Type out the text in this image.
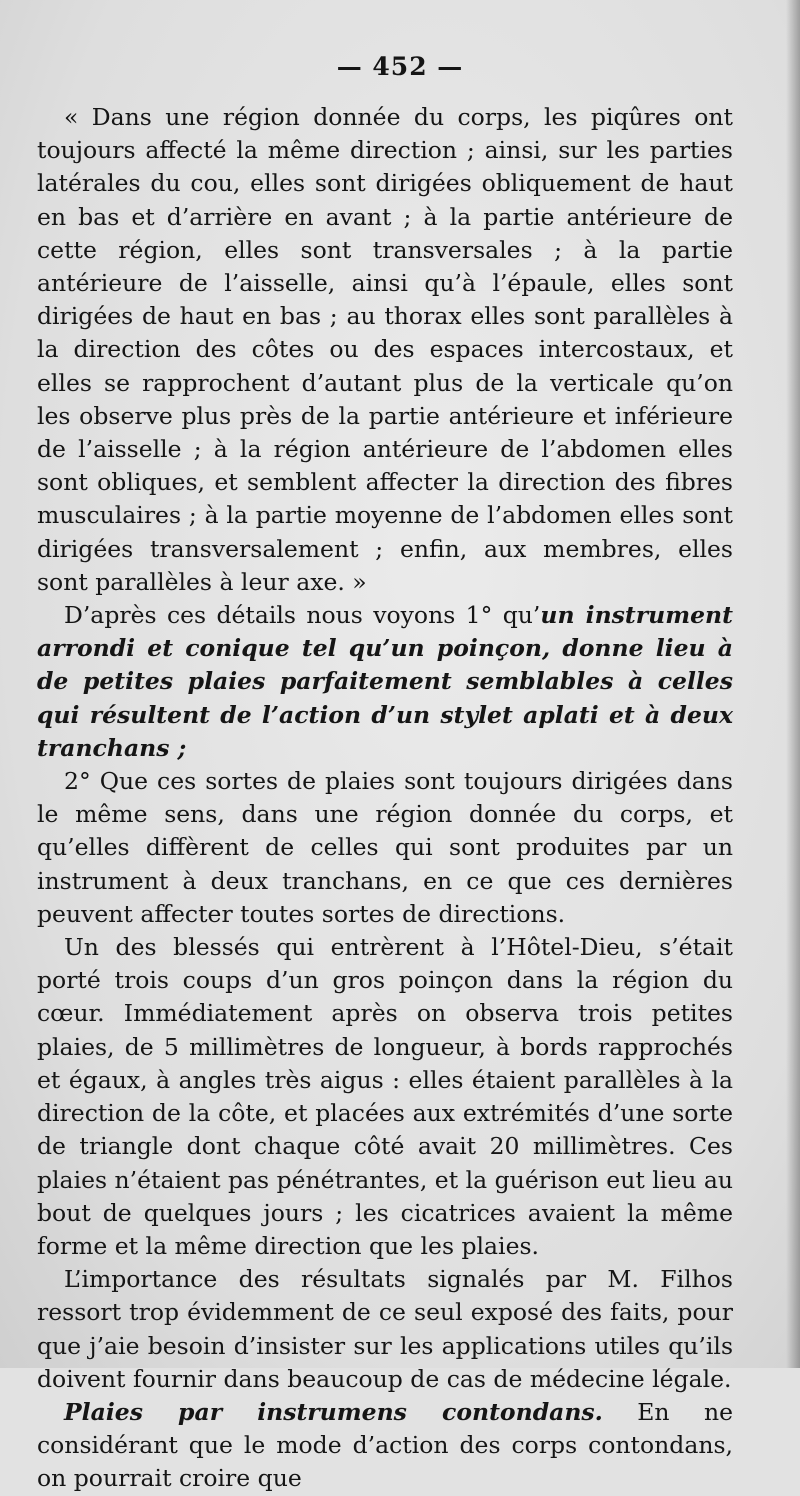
— 452 —

« Dans une région donnée du corps, les piqûres ont toujours affecté la même direction ; ainsi, sur les parties latérales du cou, elles sont dirigées obliquement de haut en bas et d’arrière en avant ; à la partie antérieure de cette région, elles sont transversales ; à la partie antérieure de l’aisselle, ainsi qu’à l’épaule, elles sont dirigées de haut en bas ; au thorax elles sont parallèles à la direction des côtes ou des espaces intercostaux, et elles se rapprochent d’autant plus de la verticale qu’on les observe plus près de la partie antérieure et inférieure de l’aisselle ; à la région antérieure de l’abdomen elles sont obliques, et semblent affecter la direction des fibres musculaires ; à la partie moyenne de l’abdomen elles sont dirigées transversalement ; enfin, aux membres, elles sont parallèles à leur axe. »

D’après ces détails nous voyons 1° qu’un instrument arrondi et conique tel qu’un poinçon, donne lieu à de petites plaies parfaitement semblables à celles qui résultent de l’action d’un stylet aplati et à deux tranchans ;

2° Que ces sortes de plaies sont toujours dirigées dans le même sens, dans une région donnée du corps, et qu’elles diffèrent de celles qui sont produites par un instrument à deux tranchans, en ce que ces dernières peuvent affecter toutes sortes de directions.

Un des blessés qui entrèrent à l’Hôtel-Dieu, s’était porté trois coups d’un gros poinçon dans la région du cœur. Immédiatement après on observa trois petites plaies, de 5 millimètres de longueur, à bords rapprochés et égaux, à angles très aigus : elles étaient parallèles à la direction de la côte, et placées aux extrémités d’une sorte de triangle dont chaque côté avait 20 millimètres. Ces plaies n’étaient pas pénétrantes, et la guérison eut lieu au bout de quelques jours ; les cicatrices avaient la même forme et la même direction que les plaies.

L’importance des résultats signalés par M. Filhos ressort trop évidemment de ce seul exposé des faits, pour que j’aie besoin d’insister sur les applications utiles qu’ils doivent fournir dans beaucoup de cas de médecine légale.

Plaies par instrumens contondans. En ne considérant que le mode d’action des corps contondans, on pourrait croire que
